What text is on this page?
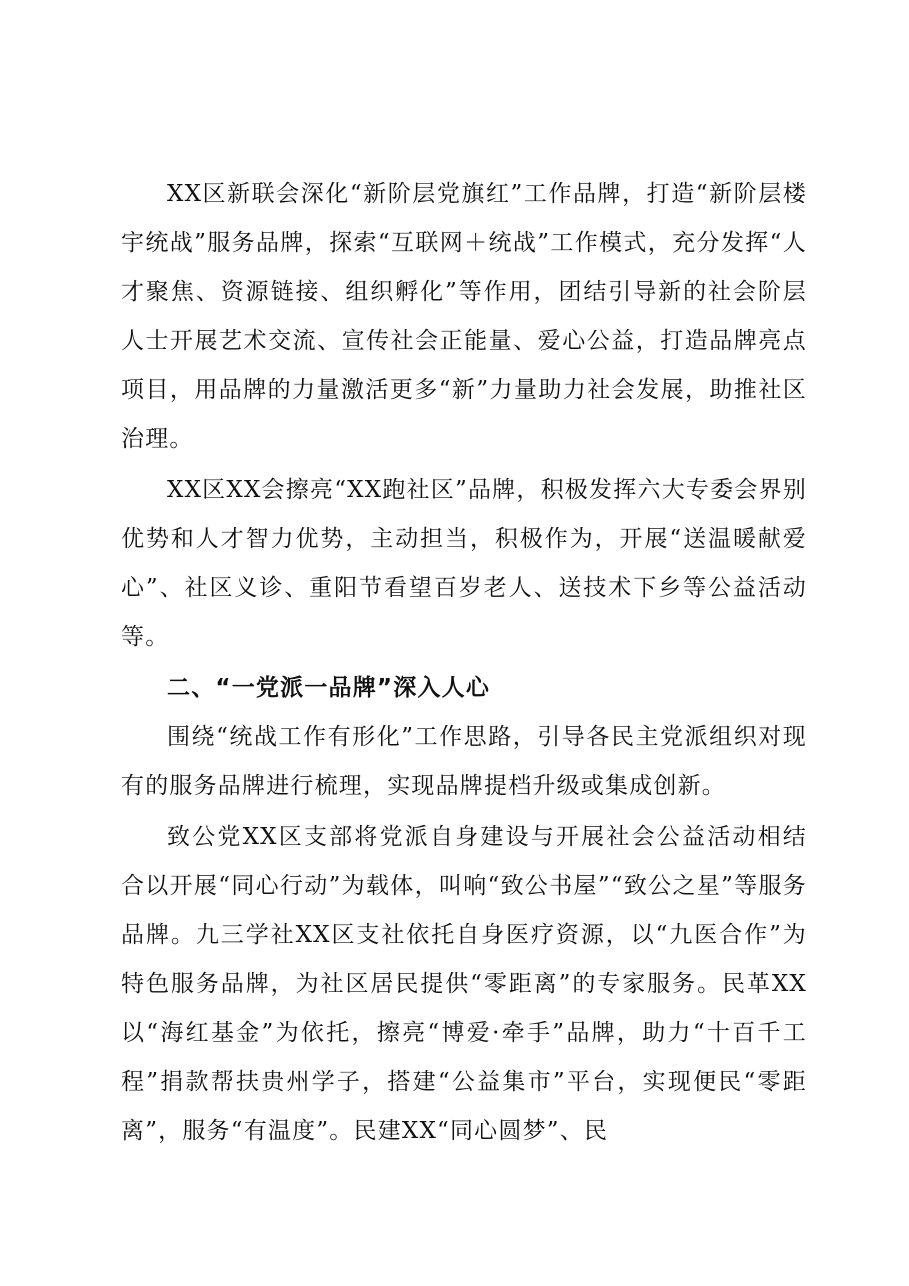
XX区新联会深化“新阶层党旗红”工作品牌，打造“新阶层楼宇统战”服务品牌，探索“互联网＋统战”工作模式，充分发挥“人才聚焦、资源链接、组织孵化”等作用，团结引导新的社会阶层人士开展艺术交流、宣传社会正能量、爱心公益，打造品牌亮点项目，用品牌的力量激活更多“新”力量助力社会发展，助推社区治理。

XX区XX会擦亮“XX跑社区”品牌，积极发挥六大专委会界别优势和人才智力优势，主动担当，积极作为，开展“送温暖献爱心”、社区义诊、重阳节看望百岁老人、送技术下乡等公益活动等。

二、“一党派一品牌”深入人心

围绕“统战工作有形化”工作思路，引导各民主党派组织对现有的服务品牌进行梳理，实现品牌提档升级或集成创新。

致公党XX区支部将党派自身建设与开展社会公益活动相结合以开展“同心行动”为载体，叫响“致公书屋”“致公之星”等服务品牌。九三学社XX区支社依托自身医疗资源，以“九医合作”为特色服务品牌，为社区居民提供“零距离”的专家服务。民革XX以“海红基金”为依托，擦亮“博爱·牵手”品牌，助力“十百千工程”捐款帮扶贵州学子，搭建“公益集市”平台，实现便民“零距离”，服务“有温度”。民建XX“同心圆梦”、民
